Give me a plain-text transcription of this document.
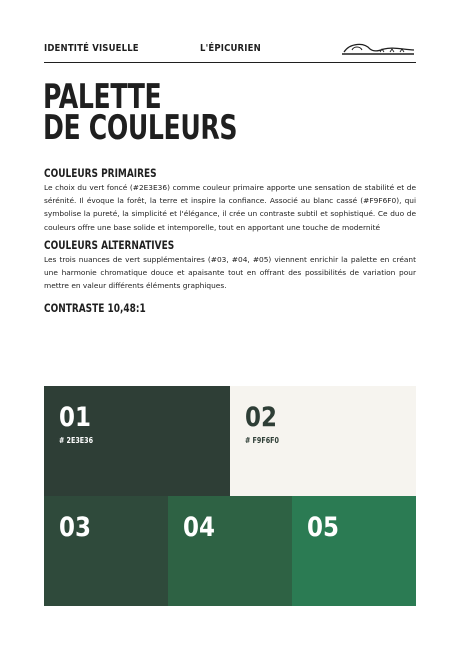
IDENTITÉ VISUELLE	L'ÉPICURIEN
PALETTE
DE COULEURS
COULEURS PRIMAIRES

Le choix du vert foncé (#2E3E36) comme couleur primaire apporte une sensation de stabilité et de sérénité. Il évoque la forêt, la terre et inspire la confiance. Associé au blanc cassé (#F9F6F0), qui symbolise la pureté, la simplicité et l'élégance, il crée un contraste subtil et sophistiqué. Ce duo de couleurs offre une base solide et intemporelle, tout en apportant une touche de modernité

COULEURS ALTERNATIVES

Les trois nuances de vert supplémentaires (#03, #04, #05) viennent enrichir la palette en créant une harmonie chromatique douce et apaisante tout en offrant des possibilités de variation pour mettre en valeur différents éléments graphiques.

CONTRASTE 10,48:1
01
# 2E3E36
02
# F9F6F0
03	04	05
